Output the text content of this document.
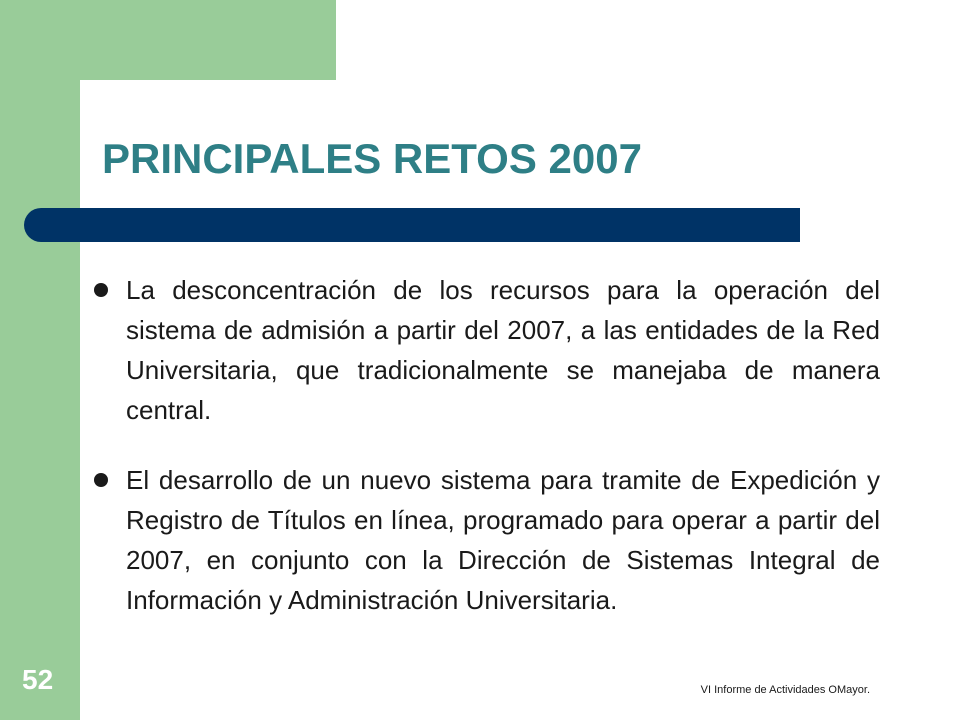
PRINCIPALES RETOS 2007
La desconcentración de los recursos para la operación del sistema de admisión a partir del 2007, a las entidades de la Red Universitaria, que tradicionalmente se manejaba de manera central.
El desarrollo de un nuevo sistema para tramite de Expedición y Registro de Títulos en línea, programado para operar a partir del 2007, en conjunto con la Dirección de Sistemas Integral de Información y Administración Universitaria.
52	VI Informe de Actividades OMayor.
